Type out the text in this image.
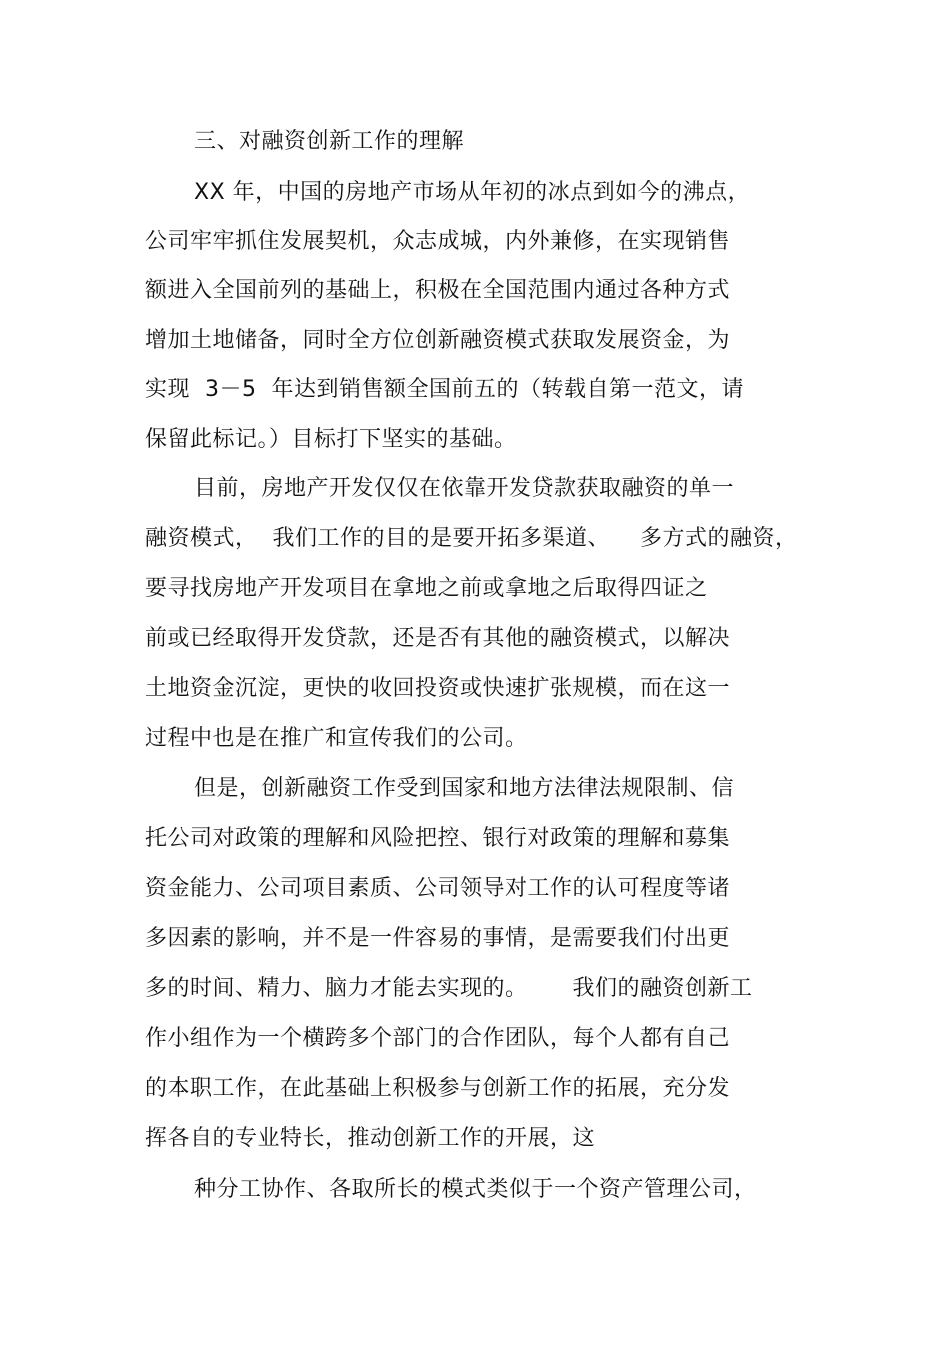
三、对融资创新工作的理解
XX 年，中国的房地产市场从年初的冰点到如今的沸点，
公司牢牢抓住发展契机，众志成城，内外兼修，在实现销售
额进入全国前列的基础上，积极在全国范围内通过各种方式
增加土地储备，同时全方位创新融资模式获取发展资金，为
实现  3－5  年达到销售额全国前五的（转载自第一范文，请
保留此标记。）目标打下坚实的基础。
目前，房地产开发仅仅在依靠开发贷款获取融资的单一
融资模式，  我们工作的目的是要开拓多渠道、    多方式的融资，
要寻找房地产开发项目在拿地之前或拿地之后取得四证之
前或已经取得开发贷款，还是否有其他的融资模式，以解决
土地资金沉淀，更快的收回投资或快速扩张规模，而在这一
过程中也是在推广和宣传我们的公司。
但是，创新融资工作受到国家和地方法律法规限制、信
托公司对政策的理解和风险把控、银行对政策的理解和募集
资金能力、公司项目素质、公司领导对工作的认可程度等诸
多因素的影响，并不是一件容易的事情，是需要我们付出更
多的时间、精力、脑力才能去实现的。      我们的融资创新工
作小组作为一个横跨多个部门的合作团队，每个人都有自己
的本职工作，在此基础上积极参与创新工作的拓展，充分发
挥各自的专业特长，推动创新工作的开展，这
种分工协作、各取所长的模式类似于一个资产管理公司，
